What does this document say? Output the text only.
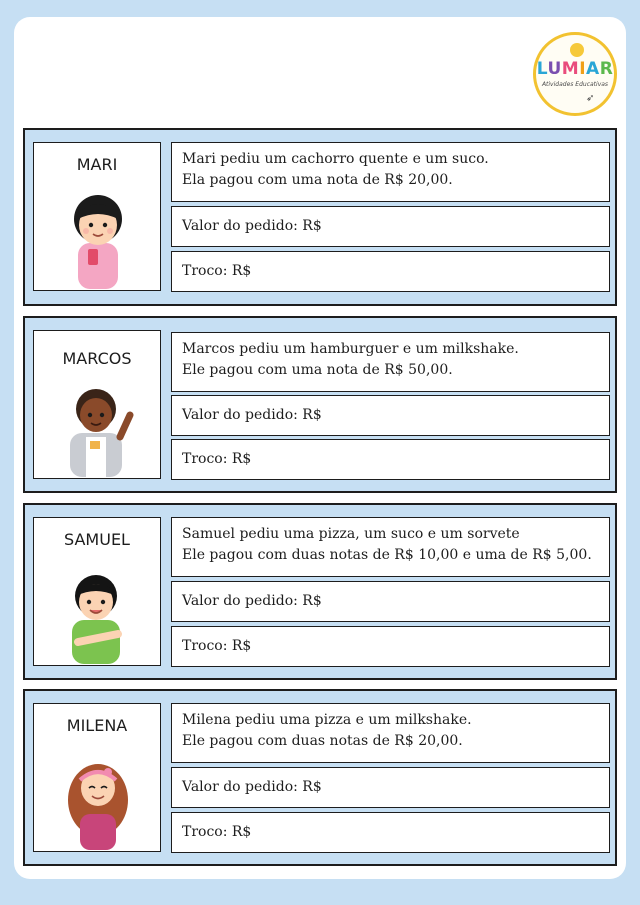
LUMIAR
Atividades Educativas
➶
MARI	Mari pediu um cachorro quente e um suco.
Ela pagou com uma nota de R$ 20,00.
Valor do pedido: R$
Troco: R$
MARCOS	Marcos pediu um hamburguer e um milkshake.
Ele pagou com uma nota de R$ 50,00.
Valor do pedido: R$
Troco: R$
SAMUEL	Samuel pediu uma pizza, um suco e um sorvete
Ele pagou com duas notas de R$ 10,00 e uma de R$ 5,00.
Valor do pedido: R$
Troco: R$
MILENA	Milena pediu uma pizza e um milkshake.
Ele pagou com duas notas de R$ 20,00.
Valor do pedido: R$
Troco: R$
